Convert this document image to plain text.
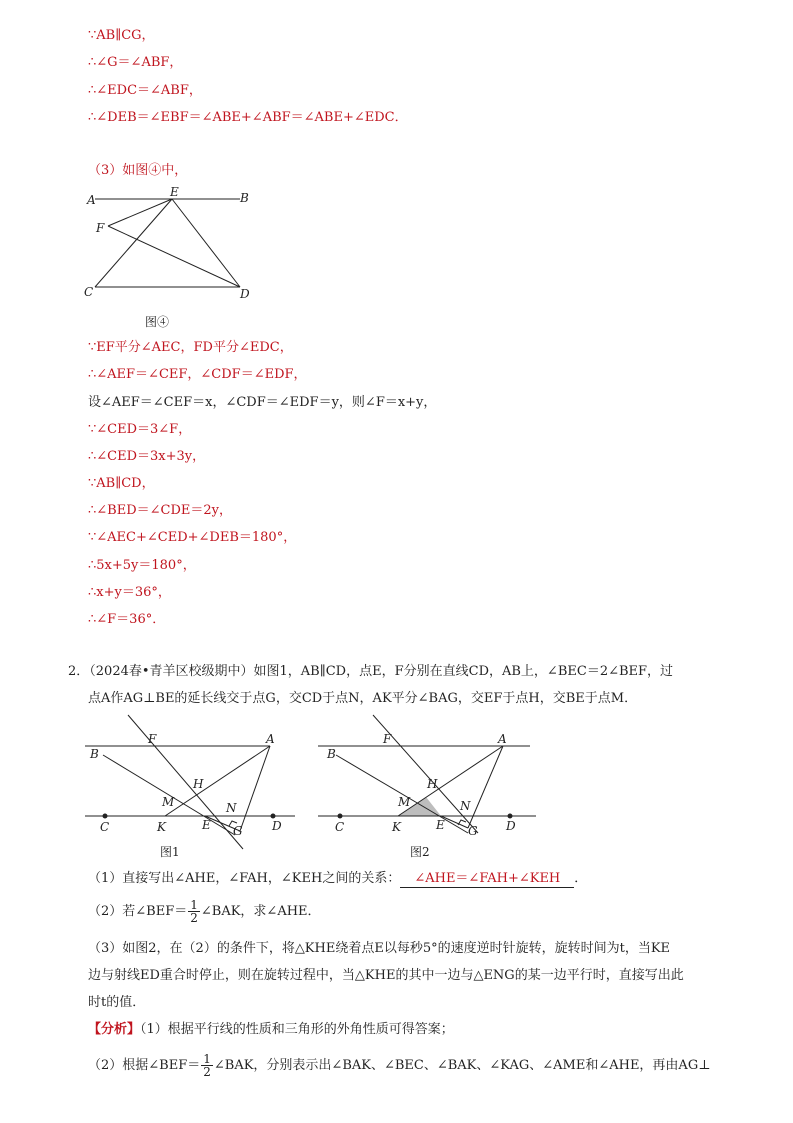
∵AB∥CG，
∴∠G＝∠ABF，
∴∠EDC＝∠ABF，
∴∠DEB＝∠EBF＝∠ABE+∠ABF＝∠ABE+∠EDC．
（3）如图④中，
A
E	B
F
C	D
图④
∵EF平分∠AEC，FD平分∠EDC，
∴∠AEF＝∠CEF，∠CDF＝∠EDF，
设∠AEF＝∠CEF＝x，∠CDF＝∠EDF＝y，则∠F＝x+y，
∵∠CED＝3∠F，
∴∠CED＝3x+3y，
∵AB∥CD，
∴∠BED＝∠CDE＝2y，
∵∠AEC+∠CED+∠DEB＝180°，
∴5x+5y＝180°，
∴x+y＝36°，
∴∠F＝36°．
2．（2024春•青羊区校级期中）如图1，AB∥CD，点E，F分别在直线CD，AB上，∠BEC＝2∠BEF，过
点A作AG⊥BE的延长线交于点G，交CD于点N，AK平分∠BAG，交EF于点H，交BE于点M．
F	A
B
H
M	N
C	K	E G D
图1
F	A
B
H
M	N
C	K	E G D
图2
（1）直接写出∠AHE，∠FAH，∠KEH之间的关系： ∠AHE＝∠FAH+∠KEH ．
（2）若∠BEF＝ $\frac{1}{2}$ ∠BAK，求∠AHE．
（3）如图2，在（2）的条件下，将△KHE绕着点E以每秒5°的速度逆时针旋转，旋转时间为t，当KE
边与射线ED重合时停止，则在旋转过程中，当△KHE的其中一边与△ENG的某一边平行时，直接写出此
时t的值．
【分析】（1）根据平行线的性质和三角形的外角性质可得答案；
（2）根据∠BEF＝ $\frac{1}{2}$ ∠BAK，分别表示出∠BAK、∠BEC、∠BAK、∠KAG、∠AME和∠AHE，再由AG⊥
